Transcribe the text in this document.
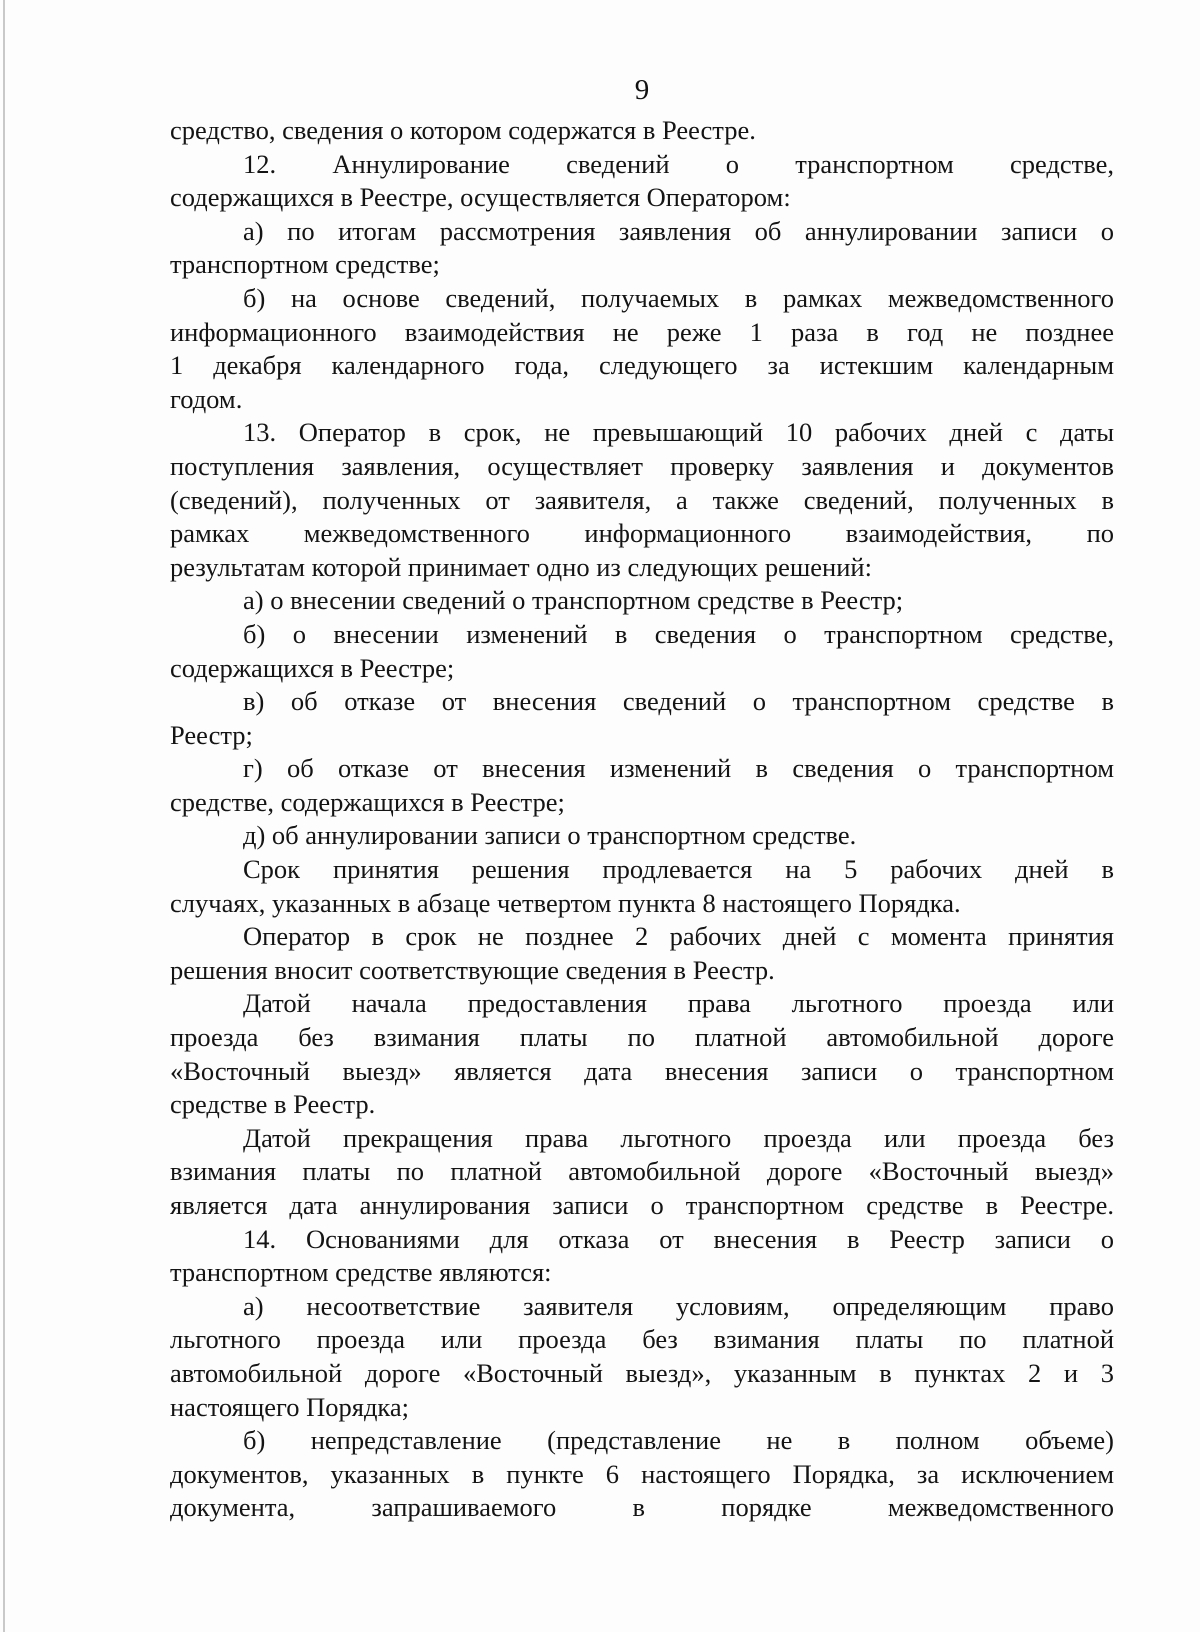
9
средство, сведения о котором содержатся в Реестре.
12. Аннулирование сведений о транспортном средстве,
содержащихся в Реестре, осуществляется Оператором:
а) по итогам рассмотрения заявления об аннулировании записи о
транспортном средстве;
б) на основе сведений, получаемых в рамках межведомственного
информационного взаимодействия не реже 1 раза в год не позднее
1 декабря календарного года, следующего за истекшим календарным
годом.
13. Оператор в срок, не превышающий 10 рабочих дней с даты
поступления заявления, осуществляет проверку заявления и документов
(сведений), полученных от заявителя, а также сведений, полученных в
рамках межведомственного информационного взаимодействия, по
результатам которой принимает одно из следующих решений:
а) о внесении сведений о транспортном средстве в Реестр;
б) о внесении изменений в сведения о транспортном средстве,
содержащихся в Реестре;
в) об отказе от внесения сведений о транспортном средстве в
Реестр;
г) об отказе от внесения изменений в сведения о транспортном
средстве, содержащихся в Реестре;
д) об аннулировании записи о транспортном средстве.
Срок принятия решения продлевается на 5 рабочих дней в
случаях, указанных в абзаце четвертом пункта 8 настоящего Порядка.
Оператор в срок не позднее 2 рабочих дней с момента принятия
решения вносит соответствующие сведения в Реестр.
Датой начала предоставления права льготного проезда или
проезда без взимания платы по платной автомобильной дороге
«Восточный выезд» является дата внесения записи о транспортном
средстве в Реестр.
Датой прекращения права льготного проезда или проезда без
взимания платы по платной автомобильной дороге «Восточный выезд»
является дата аннулирования записи о транспортном средстве в Реестре.
14. Основаниями для отказа от внесения в Реестр записи о
транспортном средстве являются:
а) несоответствие заявителя условиям, определяющим право
льготного проезда или проезда без взимания платы по платной
автомобильной дороге «Восточный выезд», указанным в пунктах 2 и 3
настоящего Порядка;
б) непредставление (представление не в полном объеме)
документов, указанных в пункте 6 настоящего Порядка, за исключением
документа, запрашиваемого в порядке межведомственного
